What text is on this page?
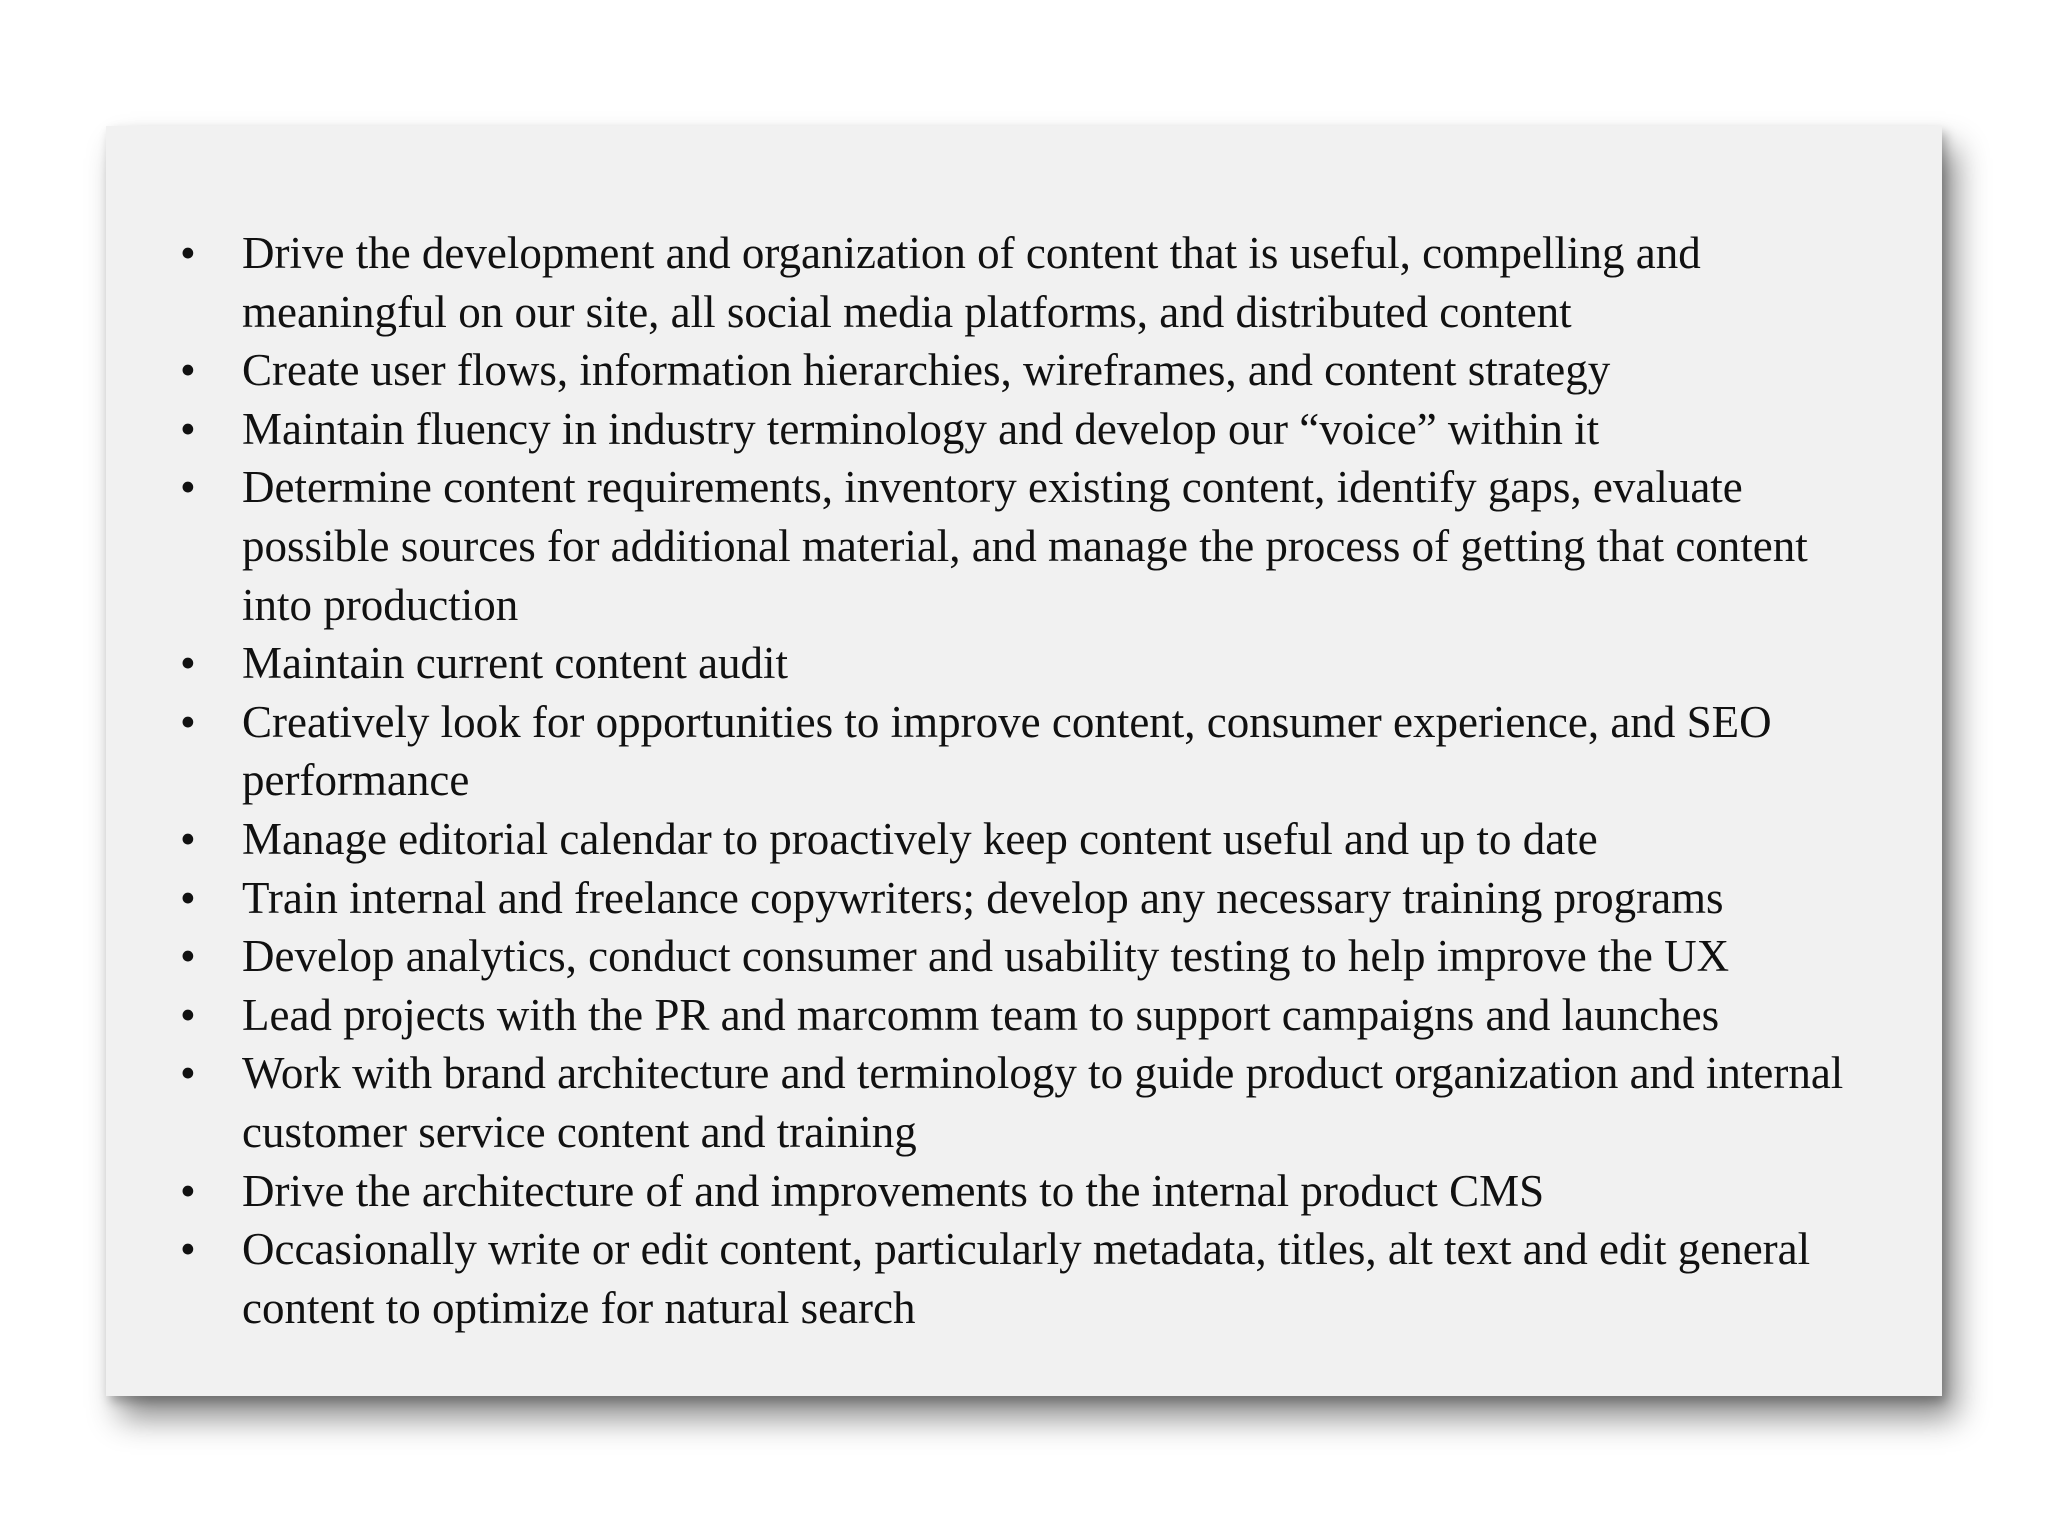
•	Drive the development and organization of content that is useful, compelling and meaningful on our site, all social media platforms, and distributed content
•	Create user flows, information hierarchies, wireframes, and content strategy
•	Maintain fluency in industry terminology and develop our “voice” within it
•	Determine content requirements, inventory existing content, identify gaps, evaluate possible sources for additional material, and manage the process of getting that content into production
•	Maintain current content audit
•	Creatively look for opportunities to improve content, consumer experience, and SEO performance
•	Manage editorial calendar to proactively keep content useful and up to date
•	Train internal and freelance copywriters; develop any necessary training programs
•	Develop analytics, conduct consumer and usability testing to help improve the UX
•	Lead projects with the PR and marcomm team to support campaigns and launches
•	Work with brand architecture and terminology to guide product organization and internal customer service content and training
•	Drive the architecture of and improvements to the internal product CMS
•	Occasionally write or edit content, particularly metadata, titles, alt text and edit general content to optimize for natural search
